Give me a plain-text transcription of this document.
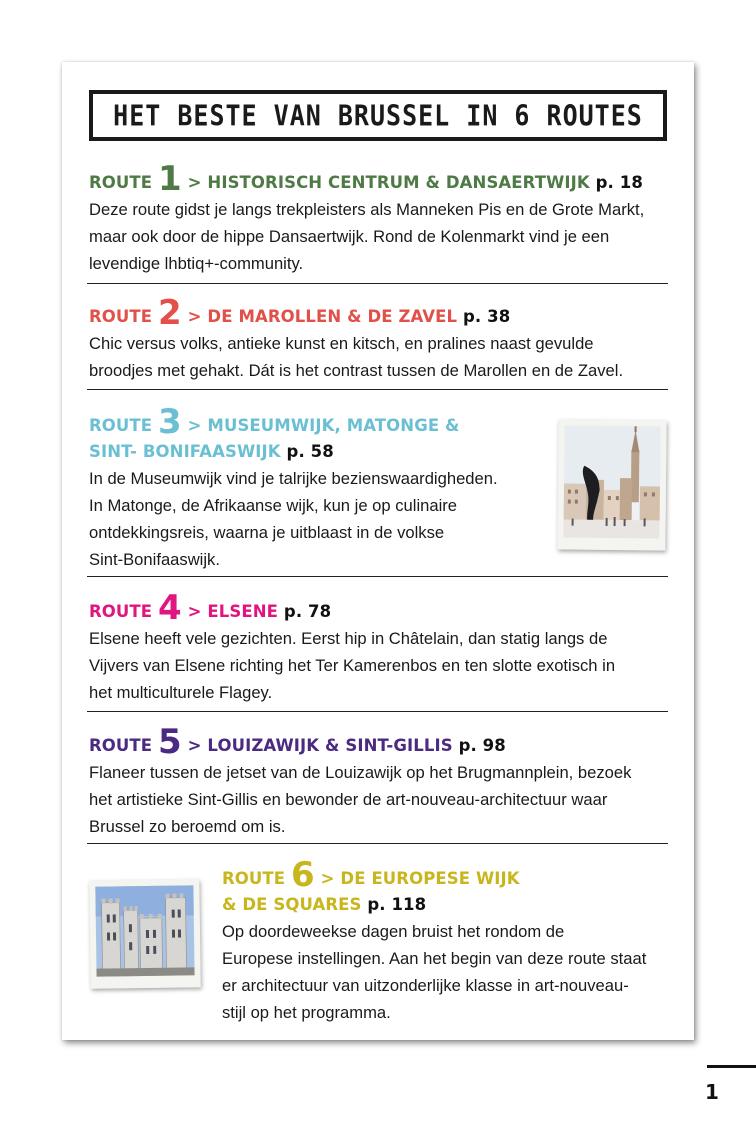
HET BESTE VAN BRUSSEL IN 6 ROUTES
ROUTE 1 > HISTORISCH CENTRUM & DANSAERTWIJK p. 18

Deze route gidst je langs trekpleisters als Manneken Pis en de Grote Markt,
maar ook door de hippe Dansaertwijk. Rond de Kolenmarkt vind je een
levendige lhbtiq+-community.

ROUTE 2 > DE MAROLLEN & DE ZAVEL p. 38

Chic versus volks, antieke kunst en kitsch, en pralines naast gevulde
broodjes met gehakt. Dát is het contrast tussen de Marollen en de Zavel.

ROUTE 3 > MUSEUMWIJK, MATONGE &
SINT- BONIFAASWIJK p. 58

In de Museumwijk vind je talrijke bezienswaardigheden.
In Matonge, de Afrikaanse wijk, kun je op culinaire
ontdekkingsreis, waarna je uitblaast in de volkse
Sint-Bonifaaswijk.

ROUTE 4 > ELSENE p. 78

Elsene heeft vele gezichten. Eerst hip in Châtelain, dan statig langs de
Vijvers van Elsene richting het Ter Kamerenbos en ten slotte exotisch in
het multiculturele Flagey.

ROUTE 5 > LOUIZAWIJK & SINT-GILLIS p. 98

Flaneer tussen de jetset van de Louizawijk op het Brugmannplein, bezoek
het artistieke Sint-Gillis en bewonder de art-nouveau-architectuur waar
Brussel zo beroemd om is.

ROUTE 6 > DE EUROPESE WIJK
& DE SQUARES p. 118

Op doordeweekse dagen bruist het rondom de
Europese instellingen. Aan het begin van deze route staat
er architectuur van uitzonderlijke klasse in art-nouveau-
stijl op het programma.

1
